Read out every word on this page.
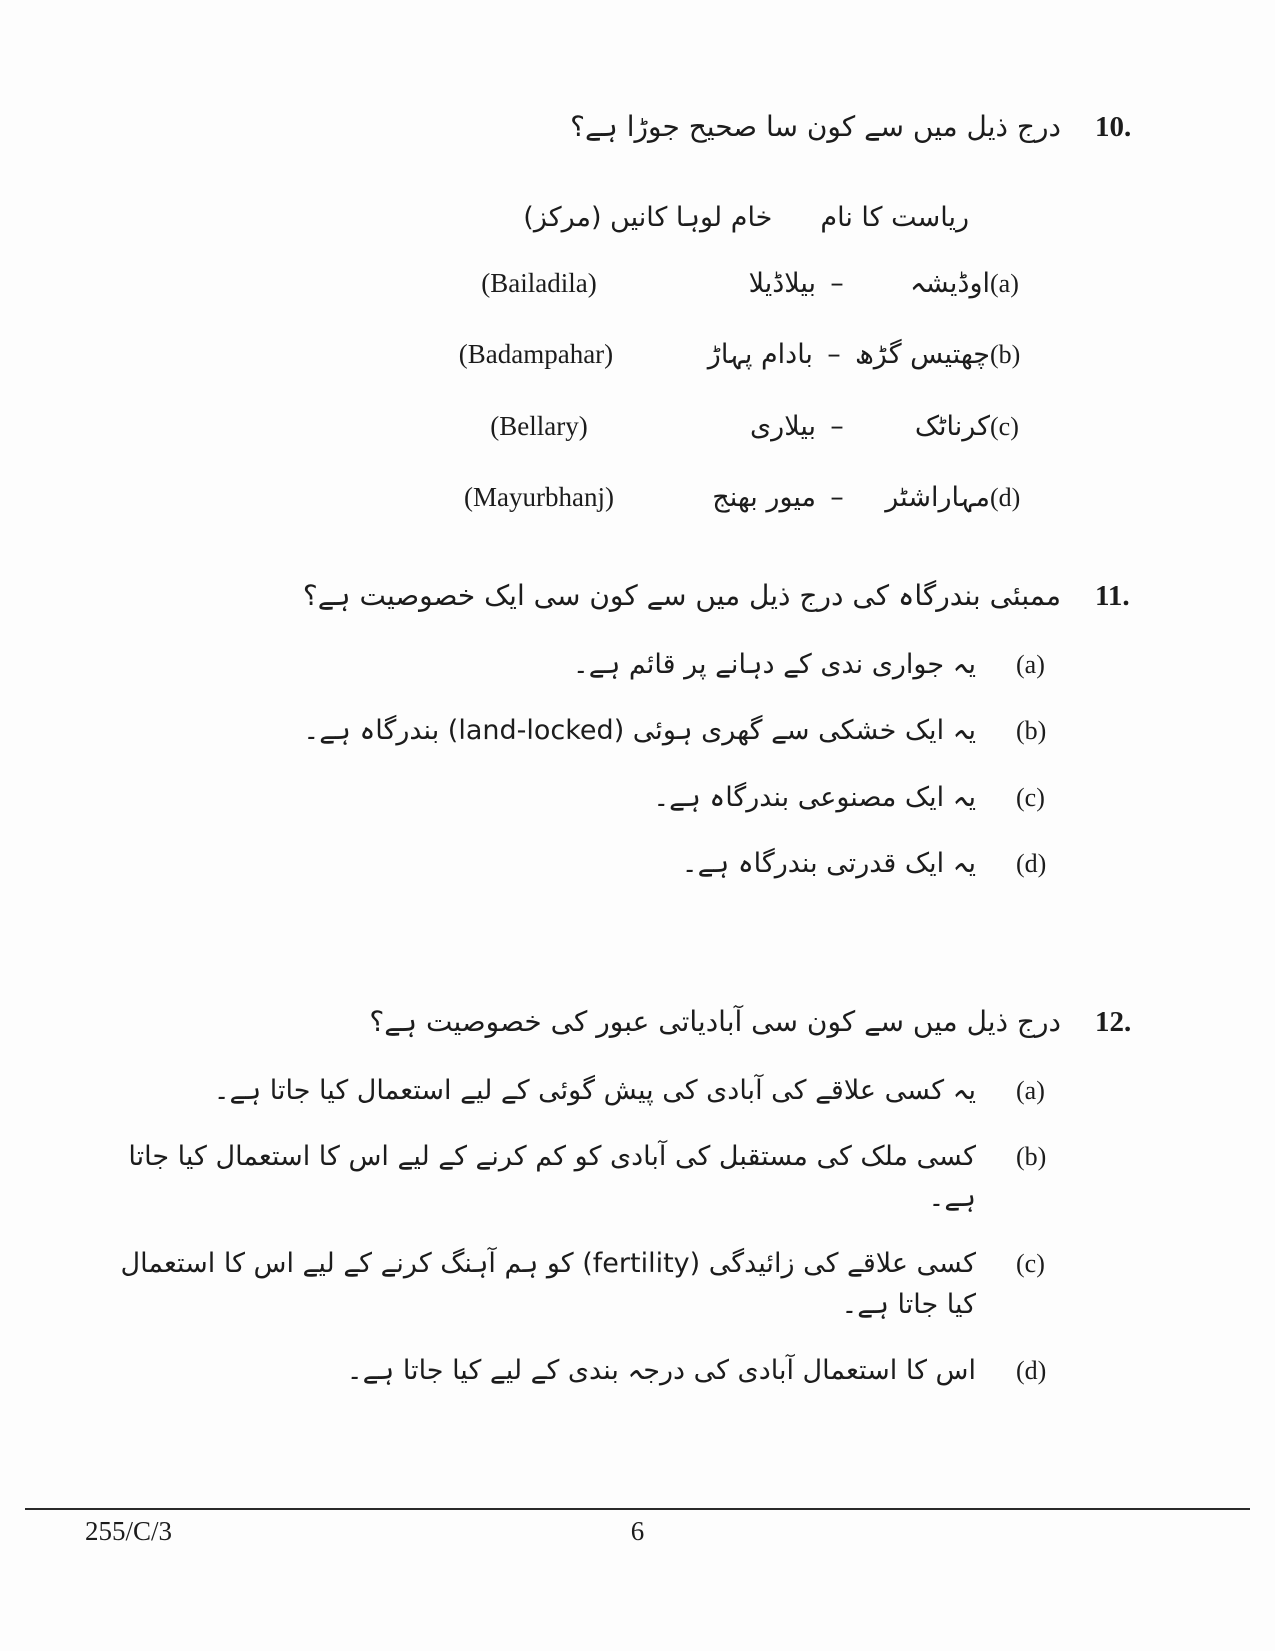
10.
درج ذیل میں سے کون سا صحیح جوڑا ہے؟
ریاست کا نام
خام لوہا کانیں (مرکز)
(a)
اوڈیشہ
–
بیلاڈیلا
(Bailadila)
(b)
چھتیس گڑھ
–
بادام پہاڑ
(Badampahar)
(c)
کرناٹک
–
بیلاری
(Bellary)
(d)
مہاراشٹر
–
میور بھنج
(Mayurbhanj)
11.
ممبئی بندرگاہ کی درج ذیل میں سے کون سی ایک خصوصیت ہے؟
(a)
یہ جواری ندی کے دہانے پر قائم ہے۔
(b)
یہ ایک خشکی سے گھری ہوئی (land-locked) بندرگاہ ہے۔
(c)
یہ ایک مصنوعی بندرگاہ ہے۔
(d)
یہ ایک قدرتی بندرگاہ ہے۔
12.
درج ذیل میں سے کون سی آبادیاتی عبور کی خصوصیت ہے؟
(a)
یہ کسی علاقے کی آبادی کی پیش گوئی کے لیے استعمال کیا جاتا ہے۔
(b)
کسی ملک کی مستقبل کی آبادی کو کم کرنے کے لیے اس کا استعمال کیا جاتا ہے۔
(c)
کسی علاقے کی زائیدگی (fertility) کو ہم آہنگ کرنے کے لیے اس کا استعمال کیا جاتا ہے۔
(d)
اس کا استعمال آبادی کی درجہ بندی کے لیے کیا جاتا ہے۔
255/C/3	6
